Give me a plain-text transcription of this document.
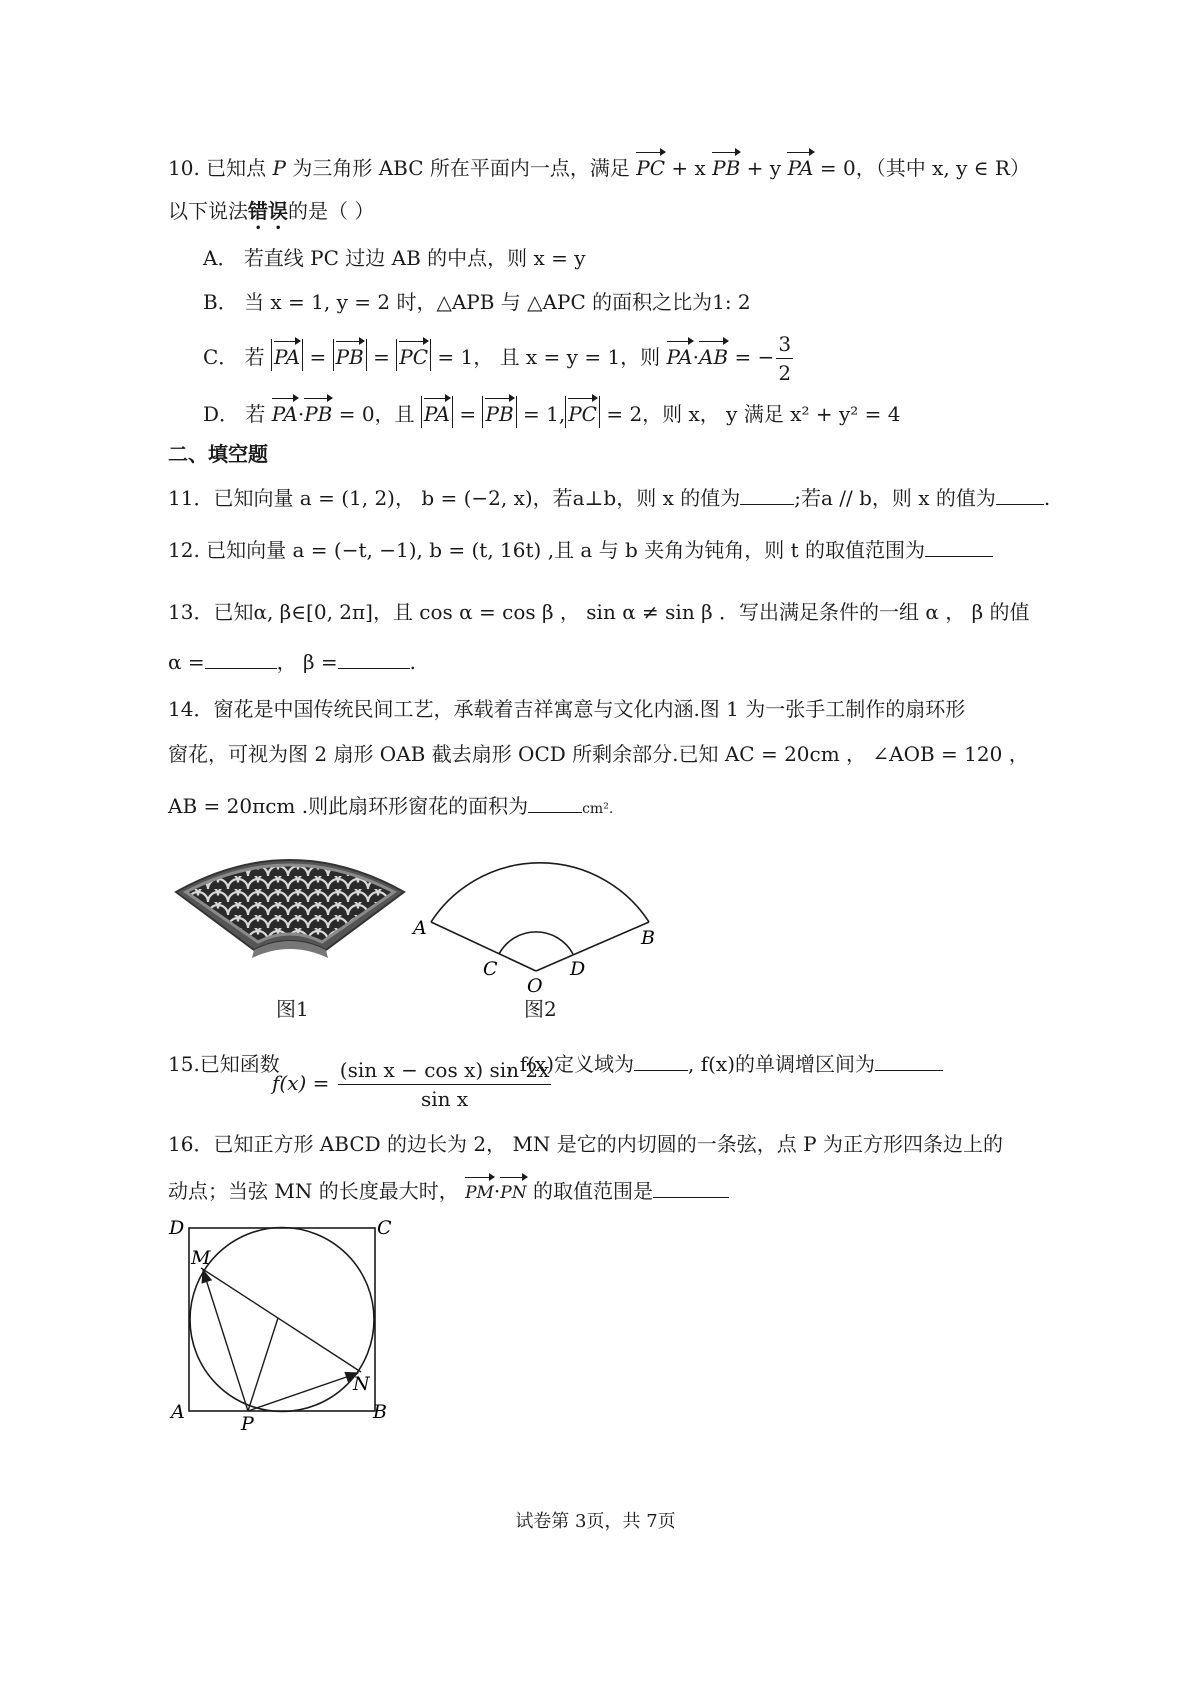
10. 已知点 P 为三角形 ABC 所在平面内一点，满足 PC + x PB + y PA = 0，（其中 x, y ∈ R）
以下说法错误的是（ ）
A． 若直线 PC 过边 AB 的中点，则 x = y
B． 当 x = 1, y = 2 时，△APB 与 △APC 的面积之比为1: 2
C． 若 PA = PB = PC = 1， 且 x = y = 1，则 PA·AB = − $\frac{3}{2}$
D． 若 PA·PB = 0，且 PA = PB = 1, PC = 2，则 x， y 满足 x² + y² = 4
二、填空题
11．已知向量 a = (1, 2)， b = (−2, x)，若a⊥b，则 x 的值为	;若a // b，则 x 的值为 .
12. 已知向量 a = (−t, −1), b = (t, 16t) ,且 a 与 b 夹角为钝角，则 t 的取值范围为
13．已知α, β∈[0, 2π]，且 cos α = cos β ， sin α ≠ sin β ．写出满足条件的一组 α ， β 的值
α =	， β =	.
14．窗花是中国传统民间工艺，承载着吉祥寓意与文化内涵.图 1 为一张手工制作的扇环形
窗花，可视为图 2 扇形 OAB 截去扇形 OCD 所剩余部分.已知 AC = 20cm ， ∠AOB = 120 ，
AB = 20πcm .则此扇环形窗花的面积为	cm².
图1
A	B
C	D
O
图2
15.已知函数
$f(x) = \frac{\text{(sin x − cos x) sin 2x}}{\text{sin x}}$
, f(x)定义域为	, f(x)的单调增区间为
16．已知正方形 ABCD 的边长为 2， MN 是它的内切圆的一条弦，点 P 为正方形四条边上的
动点；当弦 MN 的长度最大时， PM·PN 的取值范围是
D	C
M
N
A	B
P
试卷第 3页，共 7页
